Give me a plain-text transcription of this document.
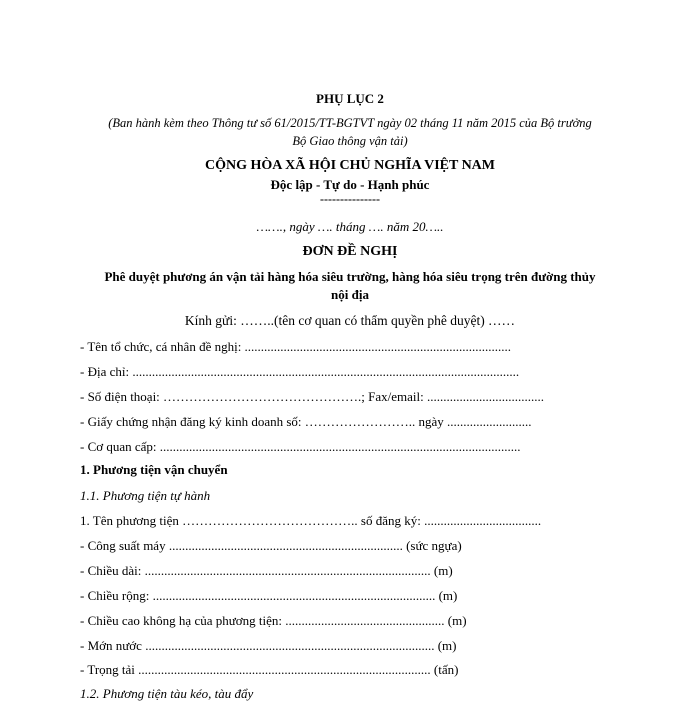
PHỤ LỤC 2
(Ban hành kèm theo Thông tư số 61/2015/TT-BGTVT ngày 02 tháng 11 năm 2015 của Bộ trưởng
Bộ Giao thông vận tải)
CỘNG HÒA XÃ HỘI CHỦ NGHĨA VIỆT NAM
Độc lập - Tự do - Hạnh phúc
---------------
……., ngày …. tháng …. năm 20…..
ĐƠN ĐỀ NGHỊ
Phê duyệt phương án vận tải hàng hóa siêu trường, hàng hóa siêu trọng trên đường thủy
nội địa
Kính gửi: ……..(tên cơ quan có thẩm quyền phê duyệt) ……
- Tên tổ chức, cá nhân đề nghị: ..................................................................................
- Địa chỉ: .......................................................................................................................
- Số điện thoại: ……………………………………….; Fax/email: ....................................
- Giấy chứng nhận đăng ký kinh doanh số: …………………….. ngày ..........................
- Cơ quan cấp: ...............................................................................................................
1. Phương tiện vận chuyển
1.1. Phương tiện tự hành
1. Tên phương tiện ………………………………….. số đăng ký: ....................................
- Công suất máy ........................................................................ (sức ngựa)
- Chiều dài: ........................................................................................ (m)
- Chiều rộng: ....................................................................................... (m)
- Chiều cao không hạ của phương tiện: ................................................. (m)
- Mớn nước ......................................................................................... (m)
- Trọng tải .......................................................................................... (tấn)
1.2. Phương tiện tàu kéo, tàu đẩy
